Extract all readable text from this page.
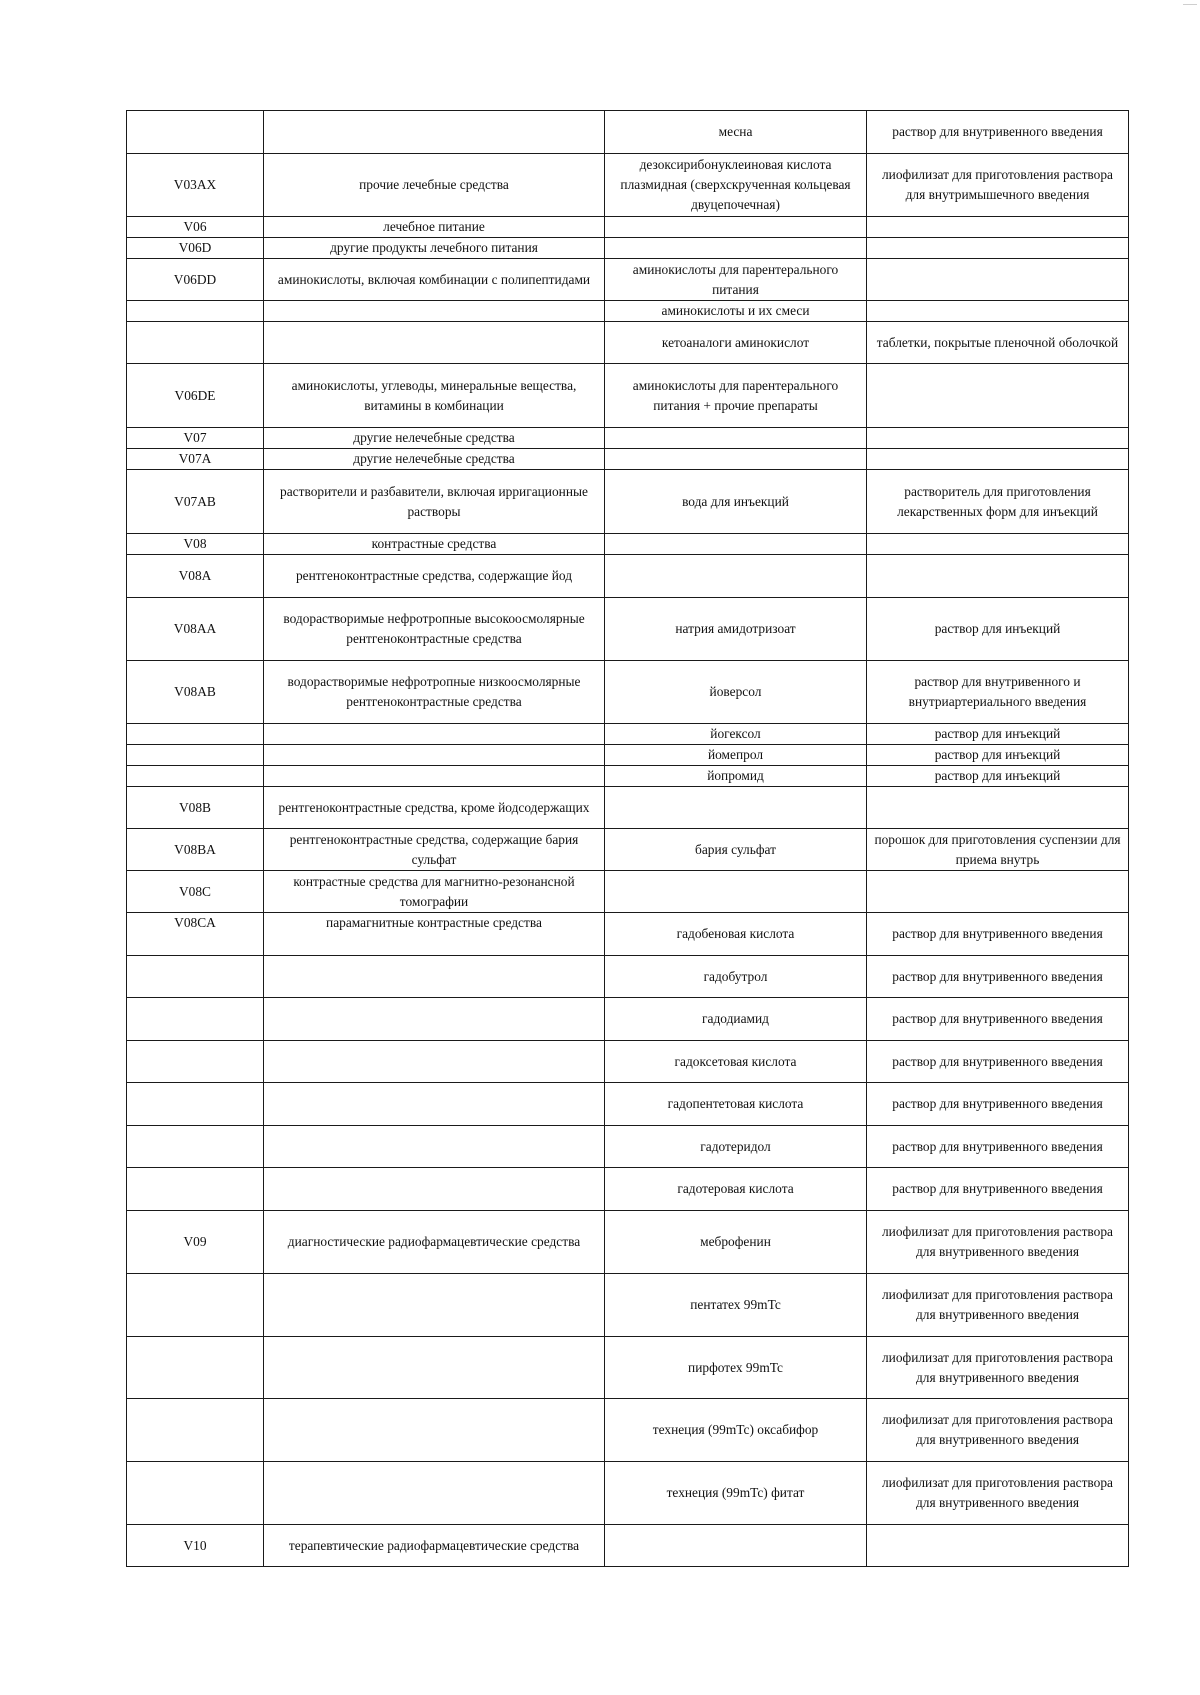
		месна	раствор для внутривенного введения
V03AX	прочие лечебные средства	дезоксирибонуклеиновая кислота плазмидная (сверхскрученная кольцевая двуцепочечная)	лиофилизат для приготовления раствора для внутримышечного введения
V06	лечебное питание		
V06D	другие продукты лечебного питания		
V06DD	аминокислоты, включая комбинации с полипептидами	аминокислоты для парентерального питания	
		аминокислоты и их смеси	
		кетоаналоги аминокислот	таблетки, покрытые пленочной оболочкой
V06DE	аминокислоты, углеводы, минеральные вещества, витамины в комбинации	аминокислоты для парентерального питания + прочие препараты	
V07	другие нелечебные средства		
V07A	другие нелечебные средства		
V07AB	растворители и разбавители, включая ирригационные растворы	вода для инъекций	растворитель для приготовления лекарственных форм для инъекций
V08	контрастные средства		
V08A	рентгеноконтрастные средства, содержащие йод		
V08AA	водорастворимые нефротропные высокоосмолярные рентгеноконтрастные средства	натрия амидотризоат	раствор для инъекций
V08AB	водорастворимые нефротропные низкоосмолярные рентгеноконтрастные средства	йоверсол	раствор для внутривенного и внутриартериального введения
		йогексол	раствор для инъекций
		йомепрол	раствор для инъекций
		йопромид	раствор для инъекций
V08B	рентгеноконтрастные средства, кроме йодсодержащих		
V08BA	рентгеноконтрастные средства, содержащие бария сульфат	бария сульфат	порошок для приготовления суспензии для приема внутрь
V08C	контрастные средства для магнитно-резонансной томографии		
V08CA	парамагнитные контрастные средства	гадобеновая кислота	раствор для внутривенного введения
		гадобутрол	раствор для внутривенного введения
		гадодиамид	раствор для внутривенного введения
		гадоксетовая кислота	раствор для внутривенного введения
		гадопентетовая кислота	раствор для внутривенного введения
		гадотеридол	раствор для внутривенного введения
		гадотеровая кислота	раствор для внутривенного введения
V09	диагностические радиофармацевтические средства	меброфенин	лиофилизат для приготовления раствора для внутривенного введения
		пентатех 99mTc	лиофилизат для приготовления раствора для внутривенного введения
		пирфотех 99mTc	лиофилизат для приготовления раствора для внутривенного введения
		технеция (99mTc) оксабифор	лиофилизат для приготовления раствора для внутривенного введения
		технеция (99mTc) фитат	лиофилизат для приготовления раствора для внутривенного введения
V10	терапевтические радиофармацевтические средства		
